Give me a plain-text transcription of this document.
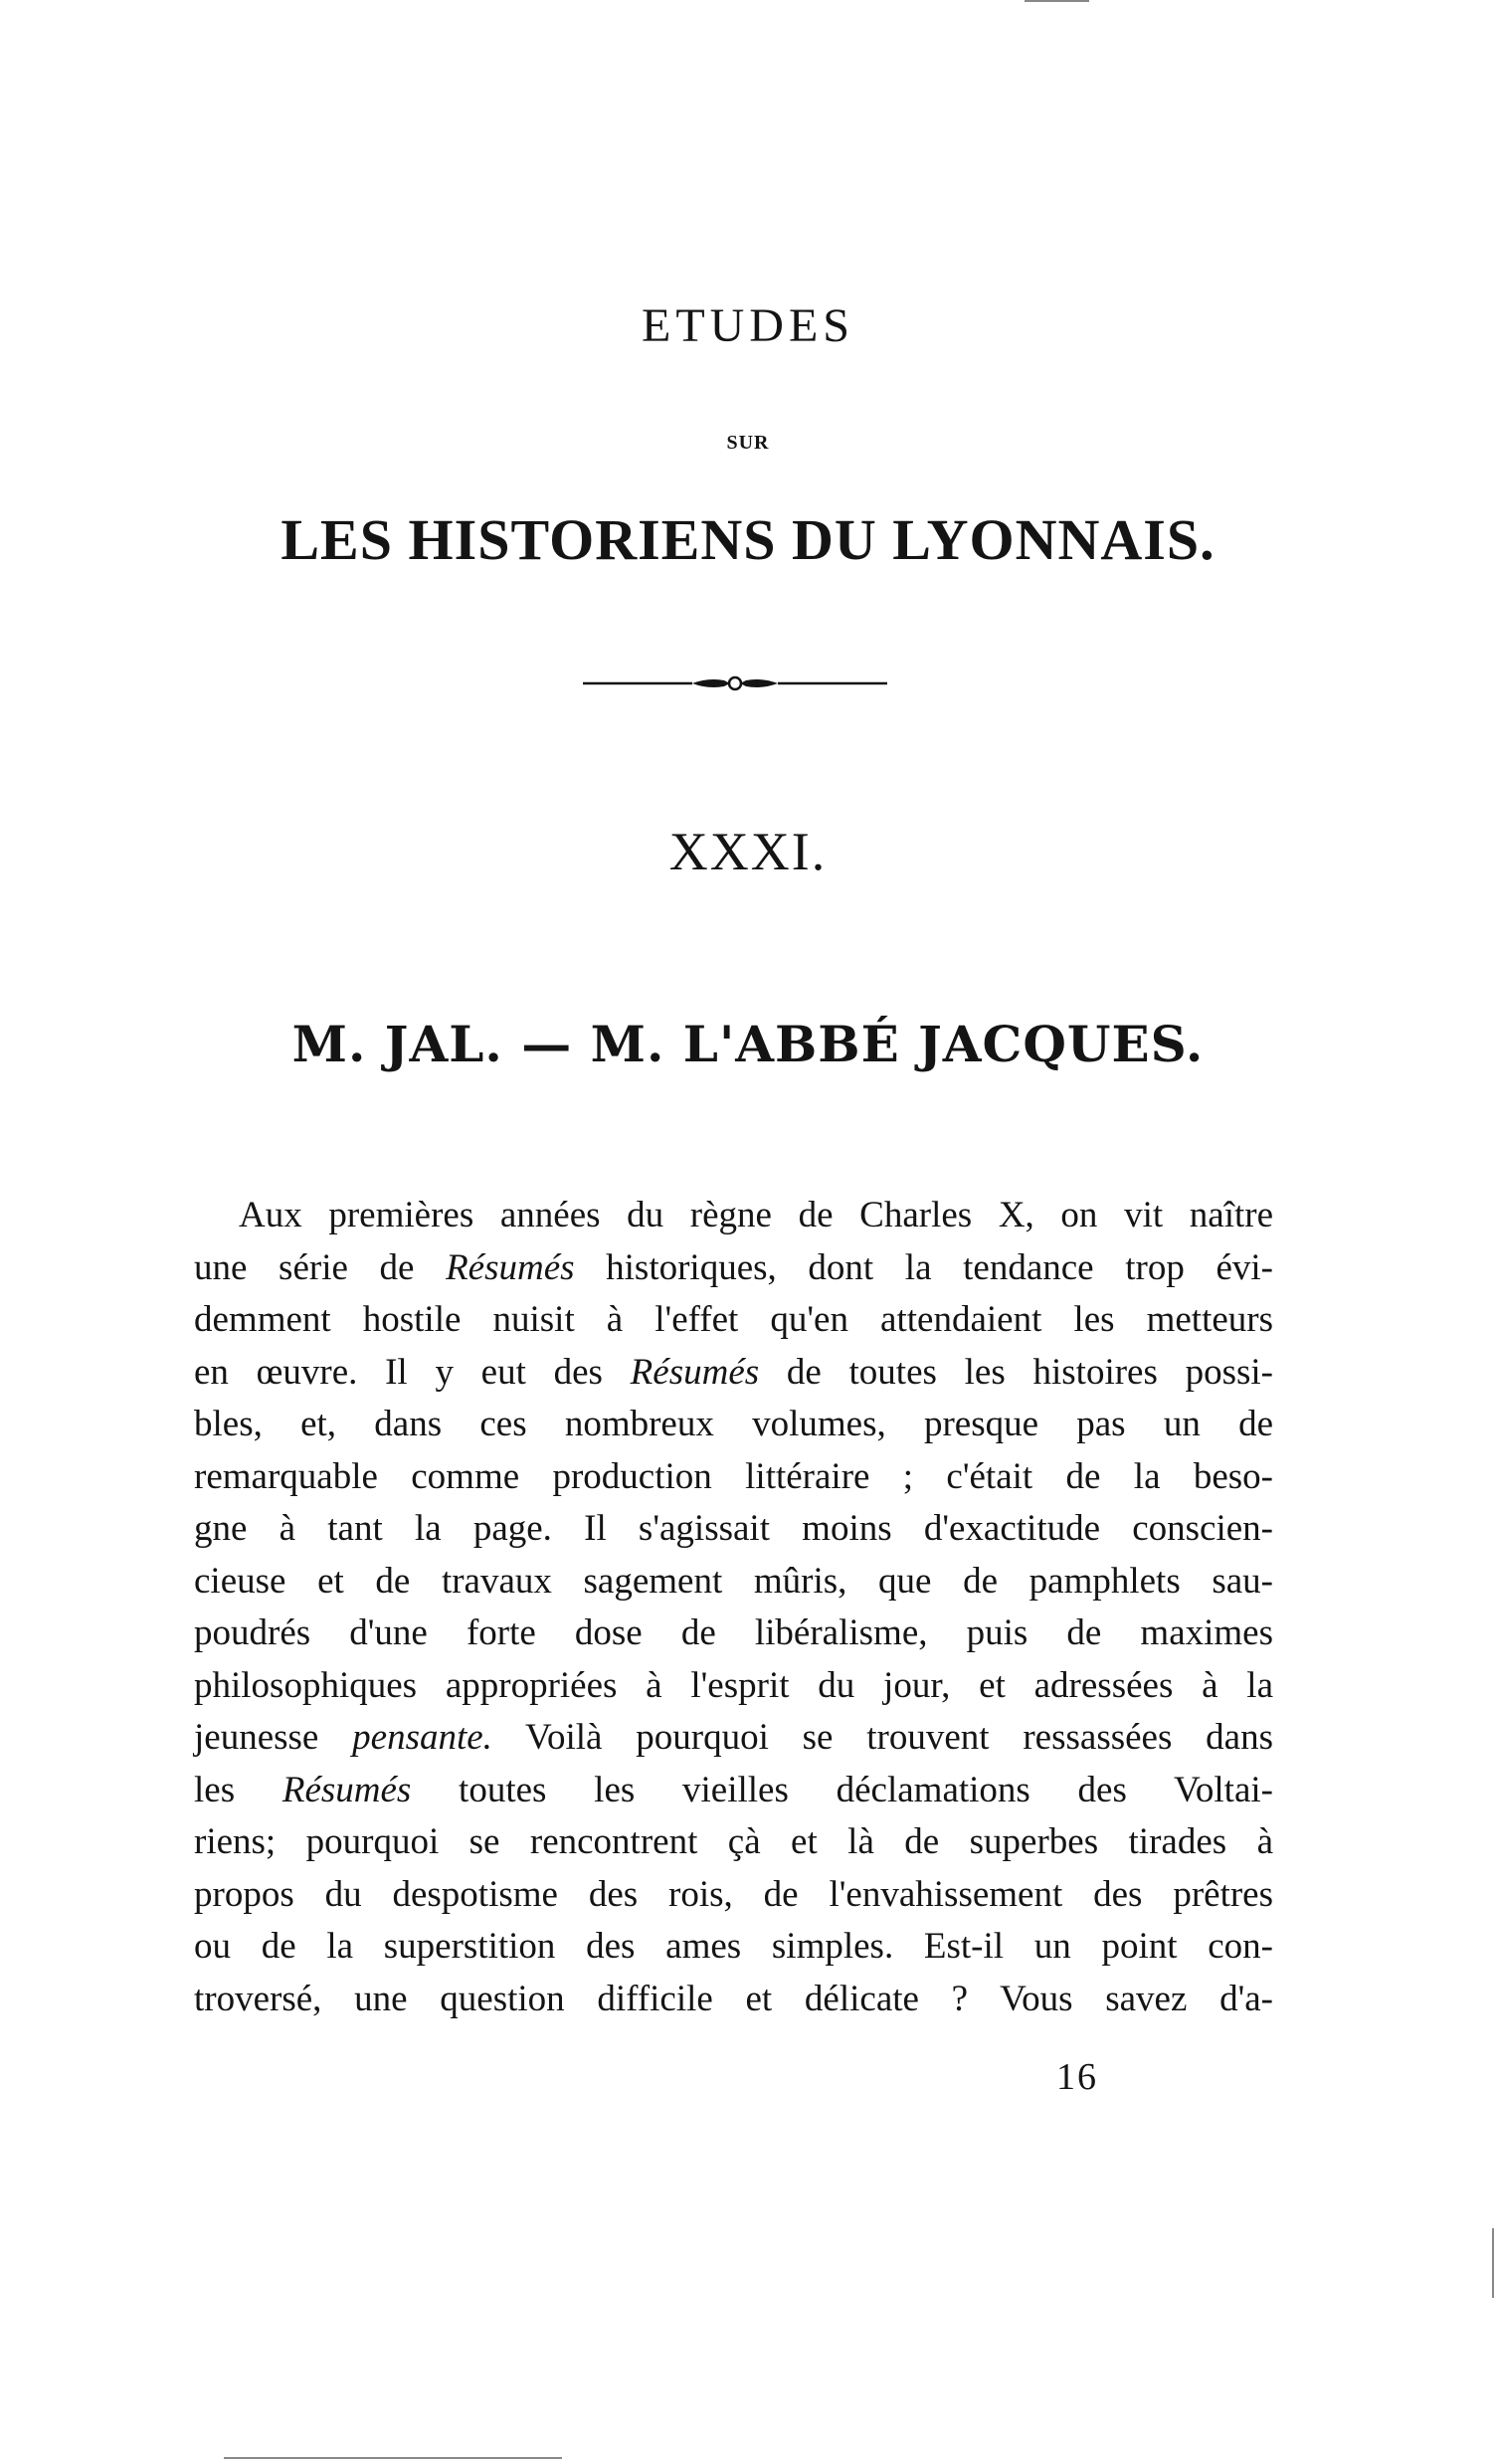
ETUDES
SUR
LES HISTORIENS DU LYONNAIS.
XXXI.
M. JAL. — M. L'ABBÉ JACQUES.
Aux premières années du règne de Charles X, on vit naître
une série de Résumés historiques, dont la tendance trop évi-
demment hostile nuisit à l'effet qu'en attendaient les metteurs
en œuvre. Il y eut des Résumés de toutes les histoires possi-
bles, et, dans ces nombreux volumes, presque pas un de
remarquable comme production littéraire ; c'était de la beso-
gne à tant la page. Il s'agissait moins d'exactitude conscien-
cieuse et de travaux sagement mûris, que de pamphlets sau-
poudrés d'une forte dose de libéralisme, puis de maximes
philosophiques appropriées à l'esprit du jour, et adressées à la
jeunesse pensante. Voilà pourquoi se trouvent ressassées dans
les Résumés toutes les vieilles déclamations des Voltai-
riens; pourquoi se rencontrent çà et là de superbes tirades à
propos du despotisme des rois, de l'envahissement des prêtres
ou de la superstition des ames simples. Est-il un point con-
troversé, une question difficile et délicate ? Vous savez d'a-
16
